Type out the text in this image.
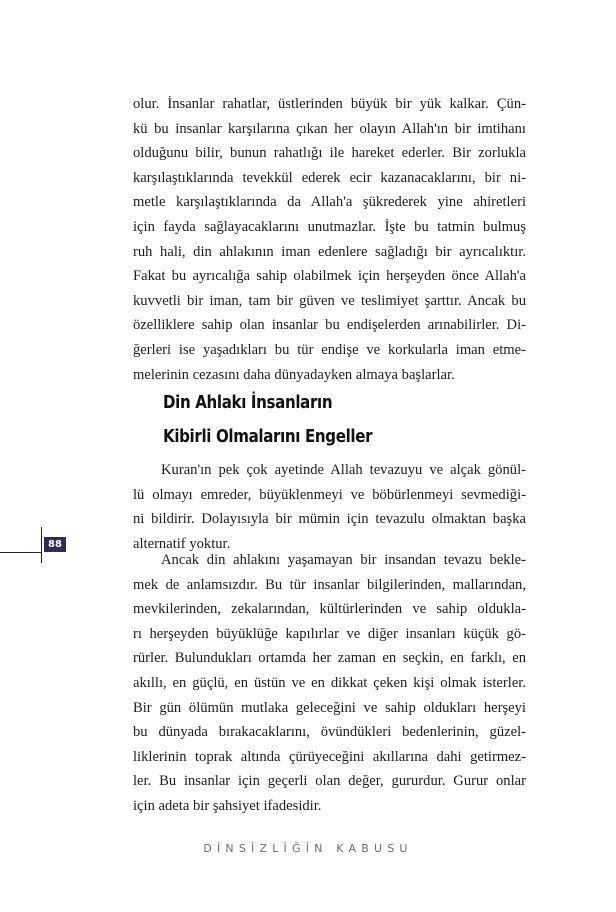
olur. İnsanlar rahatlar, üstlerinden büyük bir yük kalkar. Çün-
kü bu insanlar karşılarına çıkan her olayın Allah'ın bir imtihanı
olduğunu bilir, bunun rahatlığı ile hareket ederler. Bir zorlukla
karşılaştıklarında tevekkül ederek ecir kazanacaklarını, bir ni-
metle karşılaştıklarında da Allah'a şükrederek yine ahiretleri
için fayda sağlayacaklarını unutmazlar. İşte bu tatmin bulmuş
ruh hali, din ahlakının iman edenlere sağladığı bir ayrıcalıktır.
Fakat bu ayrıcalığa sahip olabilmek için herşeyden önce Allah'a
kuvvetli bir iman, tam bir güven ve teslimiyet şarttır. Ancak bu
özelliklere sahip olan insanlar bu endişelerden arınabilirler. Di-
ğerleri ise yaşadıkları bu tür endişe ve korkularla iman etme-
melerinin cezasını daha dünyadayken almaya başlarlar.
Din Ahlakı İnsanların
Kibirli Olmalarını Engeller
Kuran'ın pek çok ayetinde Allah tevazuyu ve alçak gönül-
lü olmayı emreder, büyüklenmeyi ve böbürlenmeyi sevmediği-
ni bildirir. Dolayısıyla bir mümin için tevazulu olmaktan başka
alternatif yoktur.
Ancak din ahlakını yaşamayan bir insandan tevazu bekle-
mek de anlamsızdır. Bu tür insanlar bilgilerinden, mallarından,
mevkilerinden, zekalarından, kültürlerinden ve sahip oldukla-
rı herşeyden büyüklüğe kapılırlar ve diğer insanları küçük gö-
rürler. Bulundukları ortamda her zaman en seçkin, en farklı, en
akıllı, en güçlü, en üstün ve en dikkat çeken kişi olmak isterler.
Bir gün ölümün mutlaka geleceğini ve sahip oldukları herşeyi
bu dünyada bırakacaklarını, övündükleri bedenlerinin, güzel-
liklerinin toprak altında çürüyeceğini akıllarına dahi getirmez-
ler. Bu insanlar için geçerli olan değer, gururdur. Gurur onlar
için adeta bir şahsiyet ifadesidir.
88
DİNSİZLİĞİN KABUSU
